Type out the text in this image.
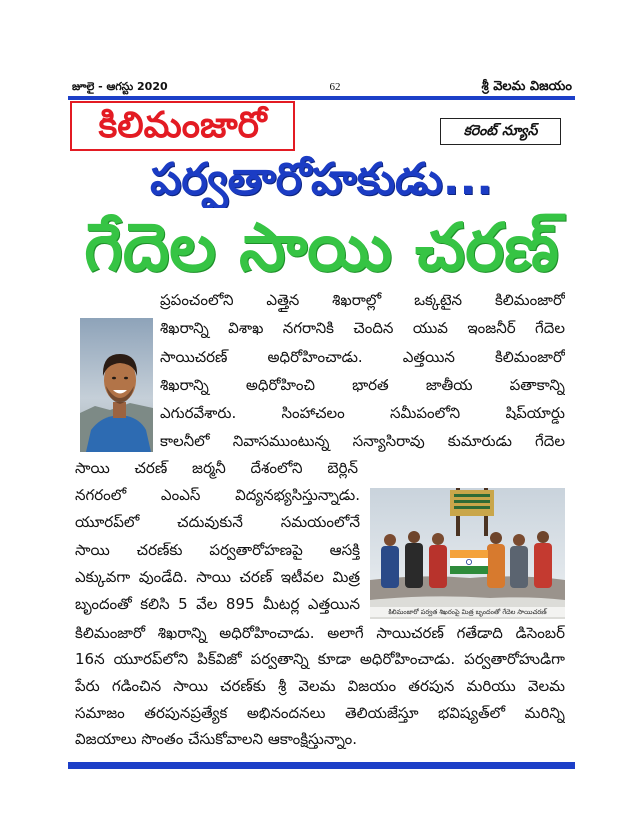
జూలై - ఆగస్టు 2020	62	శ్రీ వెలమ విజయం
కిలిమంజారో	కరెంట్ న్యూస్
పర్వతారోహకుడు...
గేదెల సాయి చరణ్
కిలిమంజారో పర్వత శిఖరంపై మిత్ర బృందంతో గేదెల సాయిచరణ్
ప్రపంచంలోని ఎత్తైన శిఖరాల్లో ఒక్కటైన కిలిమంజారో
శిఖరాన్ని విశాఖ నగరానికి చెందిన యువ ఇంజనీర్ గేదెల
సాయిచరణ్ అధిరోహించాడు. ఎత్తయిన కిలిమంజారో
శిఖరాన్ని అధిరోహించి భారత జాతీయ పతాకాన్ని
ఎగురవేశారు. సింహాచలం సమీపంలోని షిప్‌యార్డు
కాలనీలో నివాసముంటున్న సన్యాసిరావు కుమారుడు గేదెల
సాయి చరణ్ జర్మనీ దేశంలోని బెర్లిన్
నగరంలో ఎంఎస్ విద్యనభ్యసిస్తున్నాడు.
యూరప్‌లో చదువుకునే సమయంలోనే
సాయి చరణ్‌కు పర్వతారోహణపై ఆసక్తి
ఎక్కువగా వుండేది. సాయి చరణ్ ఇటీవల మిత్ర
బృందంతో కలిసి 5 వేల 895 మీటర్ల ఎత్తయిన
కిలిమంజారో శిఖరాన్ని అధిరోహించాడు. అలాగే సాయిచరణ్ గతేడాది డిసెంబర్
16న యూరప్‌లోని పిక్‌విజో పర్వతాన్ని కూడా అధిరోహించాడు. పర్వతారోహుడిగా
పేరు గడించిన సాయి చరణ్‌కు శ్రీ వెలమ విజయం తరపున మరియు వెలమ
సమాజం తరపునప్రత్యేక అభినందనలు తెలియజేస్తూ భవిష్యత్‌లో మరిన్ని
విజయాలు సొంతం చేసుకోవాలని ఆకాంక్షిస్తున్నాం.
